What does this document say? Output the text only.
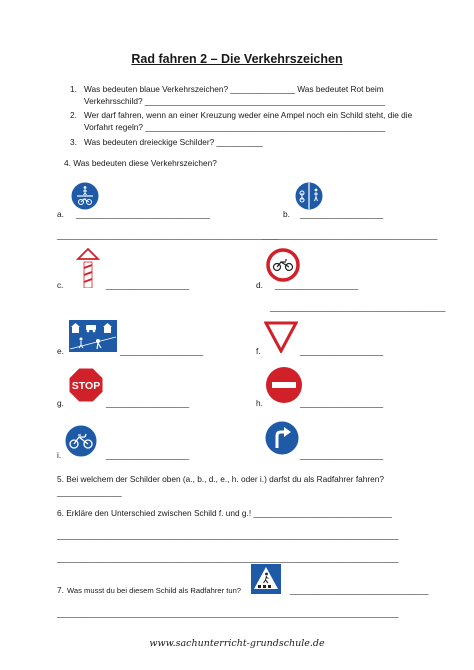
Rad fahren 2 – Die Verkehrszeichen
1. Was bedeuten blaue Verkehrszeichen? ______________ Was bedeutet Rot beim
Verkehrsschild? ____________________________________________________
2. Wer darf fahren, wenn an einer Kreuzung weder eine Ampel noch ein Schild steht, die die
Vorfahrt regeln? ____________________________________________________
3. Was bedeuten dreieckige Schilder? __________
4. Was bedeuten diese Verkehrszeichen?
a. _____________________________
________________________________________________
b. __________________
______________________________________
c.	__________________	d. __________________
______________________________________
e.	__________________	f.	__________________
STOP
g.	__________________	h.	__________________
i.	__________________	__________________
5. Bei welchem der Schilder oben (a., b., d., e., h. oder i.) darfst du als Radfahrer fahren?
______________
6. Erkläre den Unterschied zwischen Schild f. und g.! ______________________________
__________________________________________________________________________
__________________________________________________________________________
7. Was musst du bei diesem Schild als Radfahrer tun?	______________________________
__________________________________________________________________________
www.sachunterricht-grundschule.de
